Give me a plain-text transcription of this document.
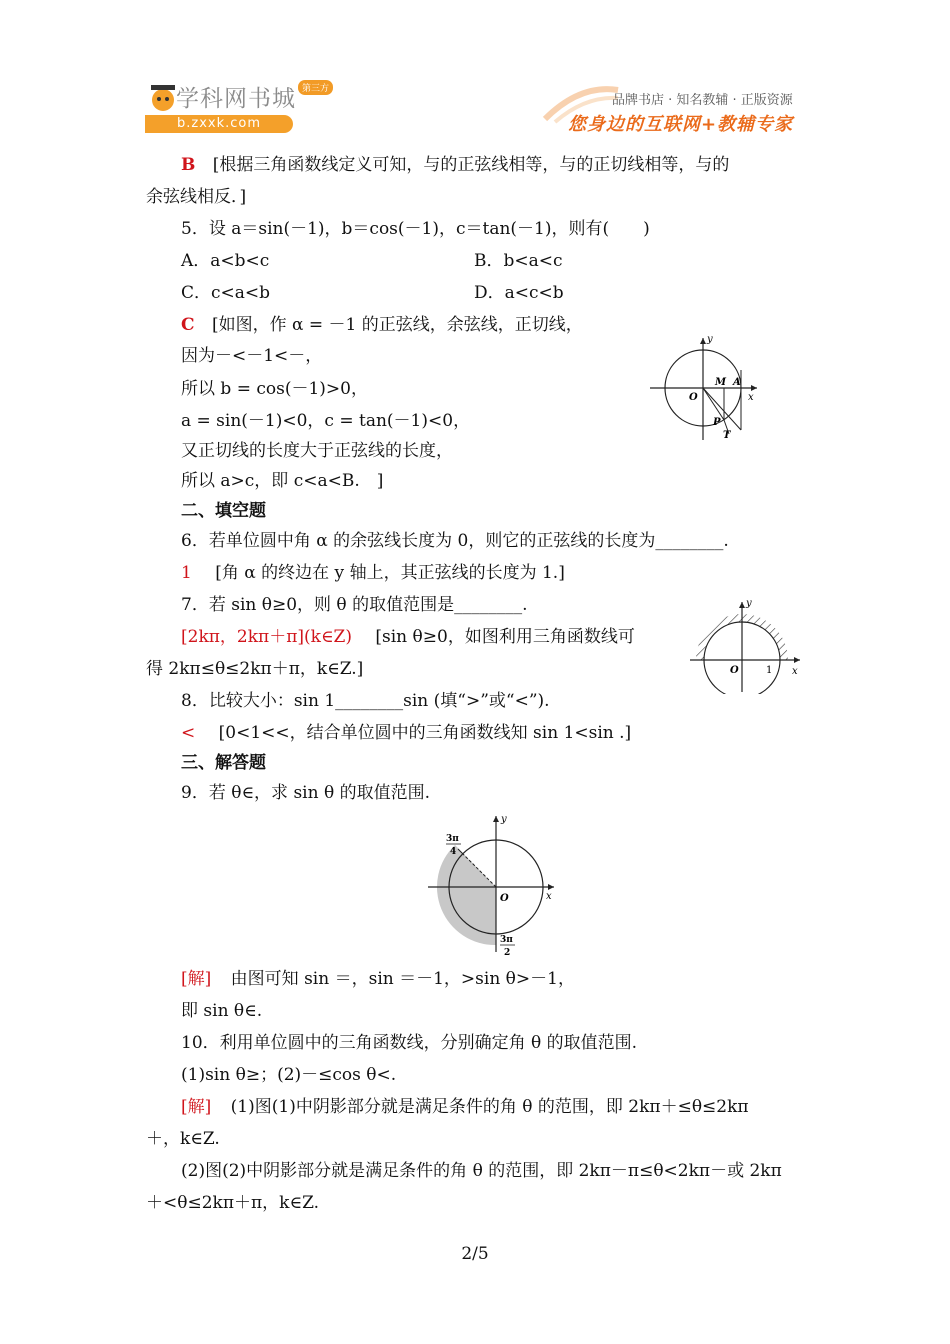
学科网书城 第三方
b.zxxk.com
品牌书店 · 知名教辅 · 正版资源
您身边的互联网+教辅专家
B [根据三角函数线定义可知，与的正弦线相等，与的正切线相等，与的
余弦线相反．]
5．设 a＝sin(－1)，b＝cos(－1)，c＝tan(－1)，则有(　　)
A．a<b<c	B．b<a<c
C．c<a<b	D．a<c<b
C [如图，作 α = －1 的正弦线，余弦线，正切线，
因为－<－1<－，
所以 b = cos(－1)>0，
a = sin(－1)<0，c = tan(－1)<0，
又正切线的长度大于正弦线的长度，
所以 a>c，即 c<a<B.　]
y
x
O
M A
P
T
二、填空题
6．若单位圆中角 α 的余弦线长度为 0，则它的正弦线的长度为________.
1 [角 α 的终边在 y 轴上，其正弦线的长度为 1.]
7．若 sin θ≥0，则 θ 的取值范围是________.
[2kπ，2kπ＋π](k∈Z) [sin θ≥0，如图利用三角函数线可
得 2kπ≤θ≤2kπ＋π，k∈Z.]
y
x
O	1
8．比较大小：sin 1________sin (填“>”或“<”).
< [0<1<<，结合单位圆中的三角函数线知 sin 1<sin .]
三、解答题
9．若 θ∈，求 sin θ 的取值范围.
y
x
O
3π
4
3π
2
[解] 由图可知 sin ＝，sin ＝－1，>sin θ>－1，
即 sin θ∈.
10．利用单位圆中的三角函数线，分别确定角 θ 的取值范围.
(1)sin θ≥；(2)－≤cos θ<.
[解] (1)图(1)中阴影部分就是满足条件的角 θ 的范围，即 2kπ＋≤θ≤2kπ
＋，k∈Z.
(2)图(2)中阴影部分就是满足条件的角 θ 的范围，即 2kπ－π≤θ<2kπ－或 2kπ
＋<θ≤2kπ＋π，k∈Z.
2/5
